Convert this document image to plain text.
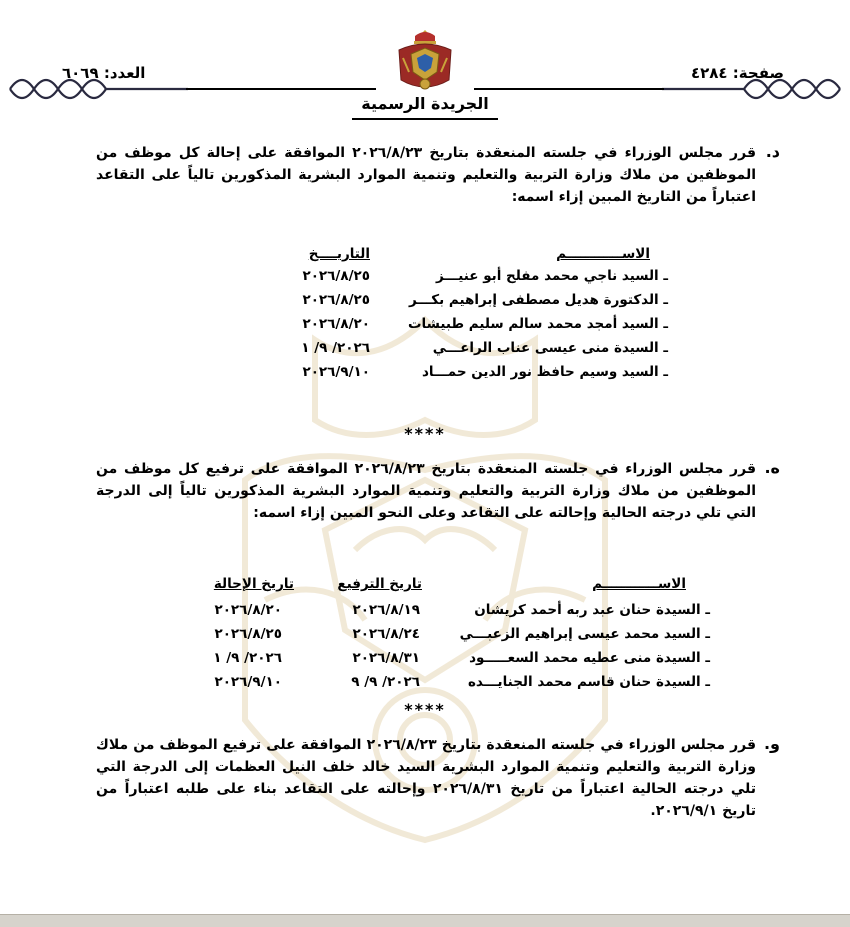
صفحة: ٤٢٨٤
العدد: ٦٠٦٩
الجريدة الرسمية
د.
قرر مجلس الوزراء في جلسته المنعقدة بتاريخ ٢٠٢٦/٨/٢٣ الموافقة على إحالة كل موظف من الموظفين من ملاك وزارة التربية والتعليم وتنمية الموارد البشرية المذكورين تالياً على التقاعد اعتباراً من التاريخ المبين إزاء اسمه:
الاســــــــــــم
التاريــــخ
ـ السيد ناجي محمد مفلح أبو عنيـــز
٢٠٢٦/٨/٢٥
ـ الدكتورة هديل مصطفى إبراهيم بكـــر
٢٠٢٦/٨/٢٥
ـ السيد أمجد محمد سالم سليم طبيشات
٢٠٢٦/٨/٢٠
ـ السيدة منى عيسى عناب الراعـــي
٢٠٢٦/ ٩/ ١
ـ السيد وسيم حافظ نور الدين حمـــاد
٢٠٢٦/٩/١٠
****
ه.
قرر مجلس الوزراء في جلسته المنعقدة بتاريخ ٢٠٢٦/٨/٢٣ الموافقة على ترفيع كل موظف من الموظفين من ملاك وزارة التربية والتعليم وتنمية الموارد البشرية المذكورين تالياً إلى الدرجة التي تلي درجته الحالية وإحالته على التقاعد وعلى النحو المبين إزاء اسمه:
الاســــــــــــم
تاريخ الترفيع
تاريخ الإحالة
ـ السيدة حنان عبد ربه أحمد كريشان
٢٠٢٦/٨/١٩
٢٠٢٦/٨/٢٠
ـ السيد محمد عيسى إبراهيم الزعبـــي
٢٠٢٦/٨/٢٤
٢٠٢٦/٨/٢٥
ـ السيدة منى عطيه محمد السعـــــود
٢٠٢٦/٨/٣١
٢٠٢٦/ ٩/ ١
ـ السيدة حنان قاسم محمد الجنايـــده
٢٠٢٦/ ٩/ ٩
٢٠٢٦/٩/١٠
****
و.
قرر مجلس الوزراء في جلسته المنعقدة بتاريخ ٢٠٢٦/٨/٢٣ الموافقة على ترفيع الموظف من ملاك وزارة التربية والتعليم وتنمية الموارد البشرية السيد خالد خلف النيل العظمات إلى الدرجة التي تلي درجته الحالية اعتباراً من تاريخ ٢٠٢٦/٨/٣١ وإحالته على التقاعد بناء على طلبه اعتباراً من تاريخ ٢٠٢٦/٩/١.
